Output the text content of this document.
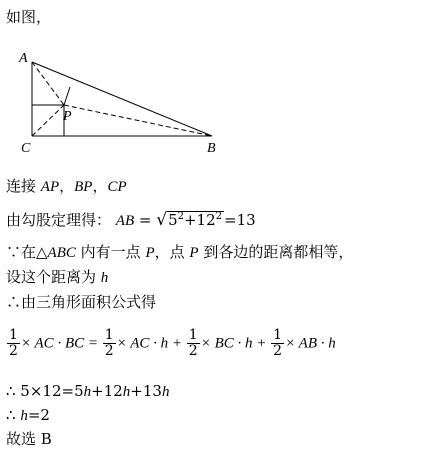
如图，
A
C	B
P
连接 AP，BP，CP
由勾股定理得： AB = $√5^2+12^2 =13$
∵在△ABC 内有一点 P，点 P 到各边的距离都相等，
设这个距离为 h
∴由三角形面积公式得
$\frac{1}{2}$ × AC · BC = $\frac{1}{2}$ × AC · $h + \frac{1}{2}$ × BC · $h + \frac{1}{2}$ × AB · h
∴ 5×12=5h+12h+13h
∴ h=2
故选 B
